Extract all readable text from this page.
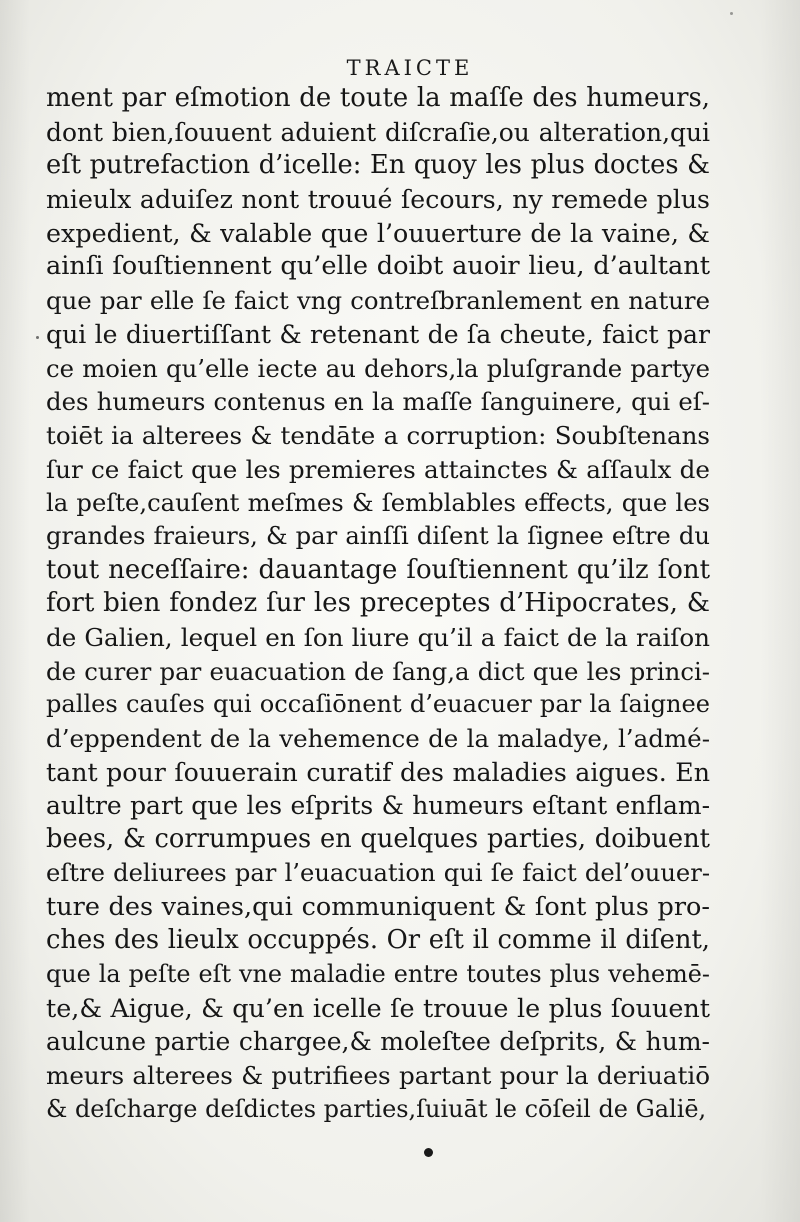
TRAICTE
ment par eſmotion de toute la maſſe des humeurs,
dont bien,ſouuent aduient diſcraſie,ou alteration,qui
eſt putrefaction d’icelle: En quoy les plus doctes &
mieulx aduiſez nont trouué ſecours, ny remede plus
expedient, & valable que l’ouuerture de la vaine, &
ainſi ſouſtiennent qu’elle doibt auoir lieu, d’aultant
que par elle ſe faict vng contreſbranlement en nature
qui le diuertiſſant & retenant de ſa cheute, faict par
ce moien qu’elle iecte au dehors,la pluſgrande partye
des humeurs contenus en la maſſe ſanguinere, qui eſ-
toiēt ia alterees & tendāte a corruption: Soubſtenans
ſur ce faict que les premieres attainctes & aſſaulx de
la peſte,cauſent meſmes & ſemblables effects, que les
grandes fraieurs, & par ainſſi diſent la ſignee eſtre du
tout neceſſaire: dauantage ſouſtiennent qu’ilz ſont
fort bien fondez ſur les preceptes d’Hipocrates, &
de Galien, lequel en ſon liure qu’il a faict de la raiſon
de curer par euacuation de ſang,a dict que les princi-
palles cauſes qui occaſiōnent d’euacuer par la ſaignee
d’eppendent de la vehemence de la maladye, l’admé-
tant pour ſouuerain curatif des maladies aigues. En
aultre part que les eſprits & humeurs eſtant enflam-
bees, & corrumpues en quelques parties, doibuent
eſtre deliurees par l’euacuation qui ſe faict del’ouuer-
ture des vaines,qui communiquent & ſont plus pro-
ches des lieulx occuppés. Or eſt il comme il diſent,
que la peſte eſt vne maladie entre toutes plus vehemē-
te,& Aigue, & qu’en icelle ſe trouue le plus ſouuent
aulcune partie chargee,& moleſtee deſprits, & hum-
meurs alterees & putrifiees partant pour la deriuatiō
& deſcharge deſdictes parties,ſuiuāt le cōſeil de Galiē,
